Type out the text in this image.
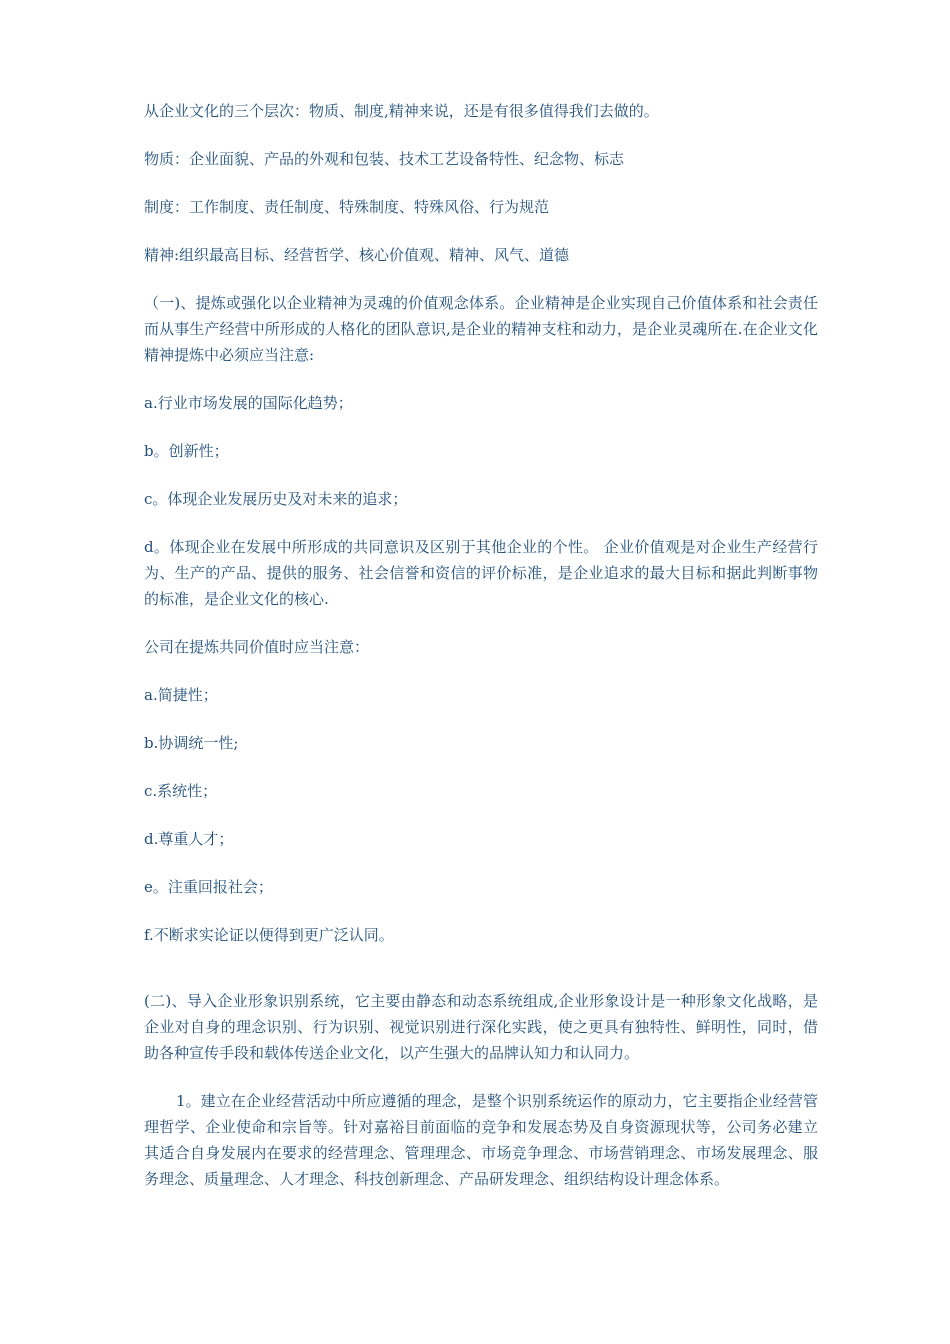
从企业文化的三个层次：物质、制度,精神来说，还是有很多值得我们去做的。

物质：企业面貌、产品的外观和包装、技术工艺设备特性、纪念物、标志

制度：工作制度、责任制度、特殊制度、特殊风俗、行为规范

精神:组织最高目标、经营哲学、核心价值观、精神、风气、道德

（一)、提炼或强化以企业精神为灵魂的价值观念体系。企业精神是企业实现自己价值体系和社会责任而从事生产经营中所形成的人格化的团队意识,是企业的精神支柱和动力，是企业灵魂所在.在企业文化精神提炼中必须应当注意:

a.行业市场发展的国际化趋势；

b。创新性；

c。体现企业发展历史及对未来的追求；

d。体现企业在发展中所形成的共同意识及区别于其他企业的个性。 企业价值观是对企业生产经营行为、生产的产品、提供的服务、社会信誉和资信的评价标准，是企业追求的最大目标和据此判断事物的标准，是企业文化的核心.

公司在提炼共同价值时应当注意：

a.简捷性；

b.协调统一性;

c.系统性；

d.尊重人才；

e。注重回报社会；

f.不断求实论证以便得到更广泛认同。

(二)、导入企业形象识别系统，它主要由静态和动态系统组成,企业形象设计是一种形象文化战略，是企业对自身的理念识别、行为识别、视觉识别进行深化实践，使之更具有独特性、鲜明性，同时，借助各种宣传手段和载体传送企业文化，以产生强大的品牌认知力和认同力。

1。建立在企业经营活动中所应遵循的理念，是整个识别系统运作的原动力，它主要指企业经营管理哲学、企业使命和宗旨等。针对嘉裕目前面临的竞争和发展态势及自身资源现状等，公司务必建立其适合自身发展内在要求的经营理念、管理理念、市场竞争理念、市场营销理念、市场发展理念、服务理念、质量理念、人才理念、科技创新理念、产品研发理念、组织结构设计理念体系。
